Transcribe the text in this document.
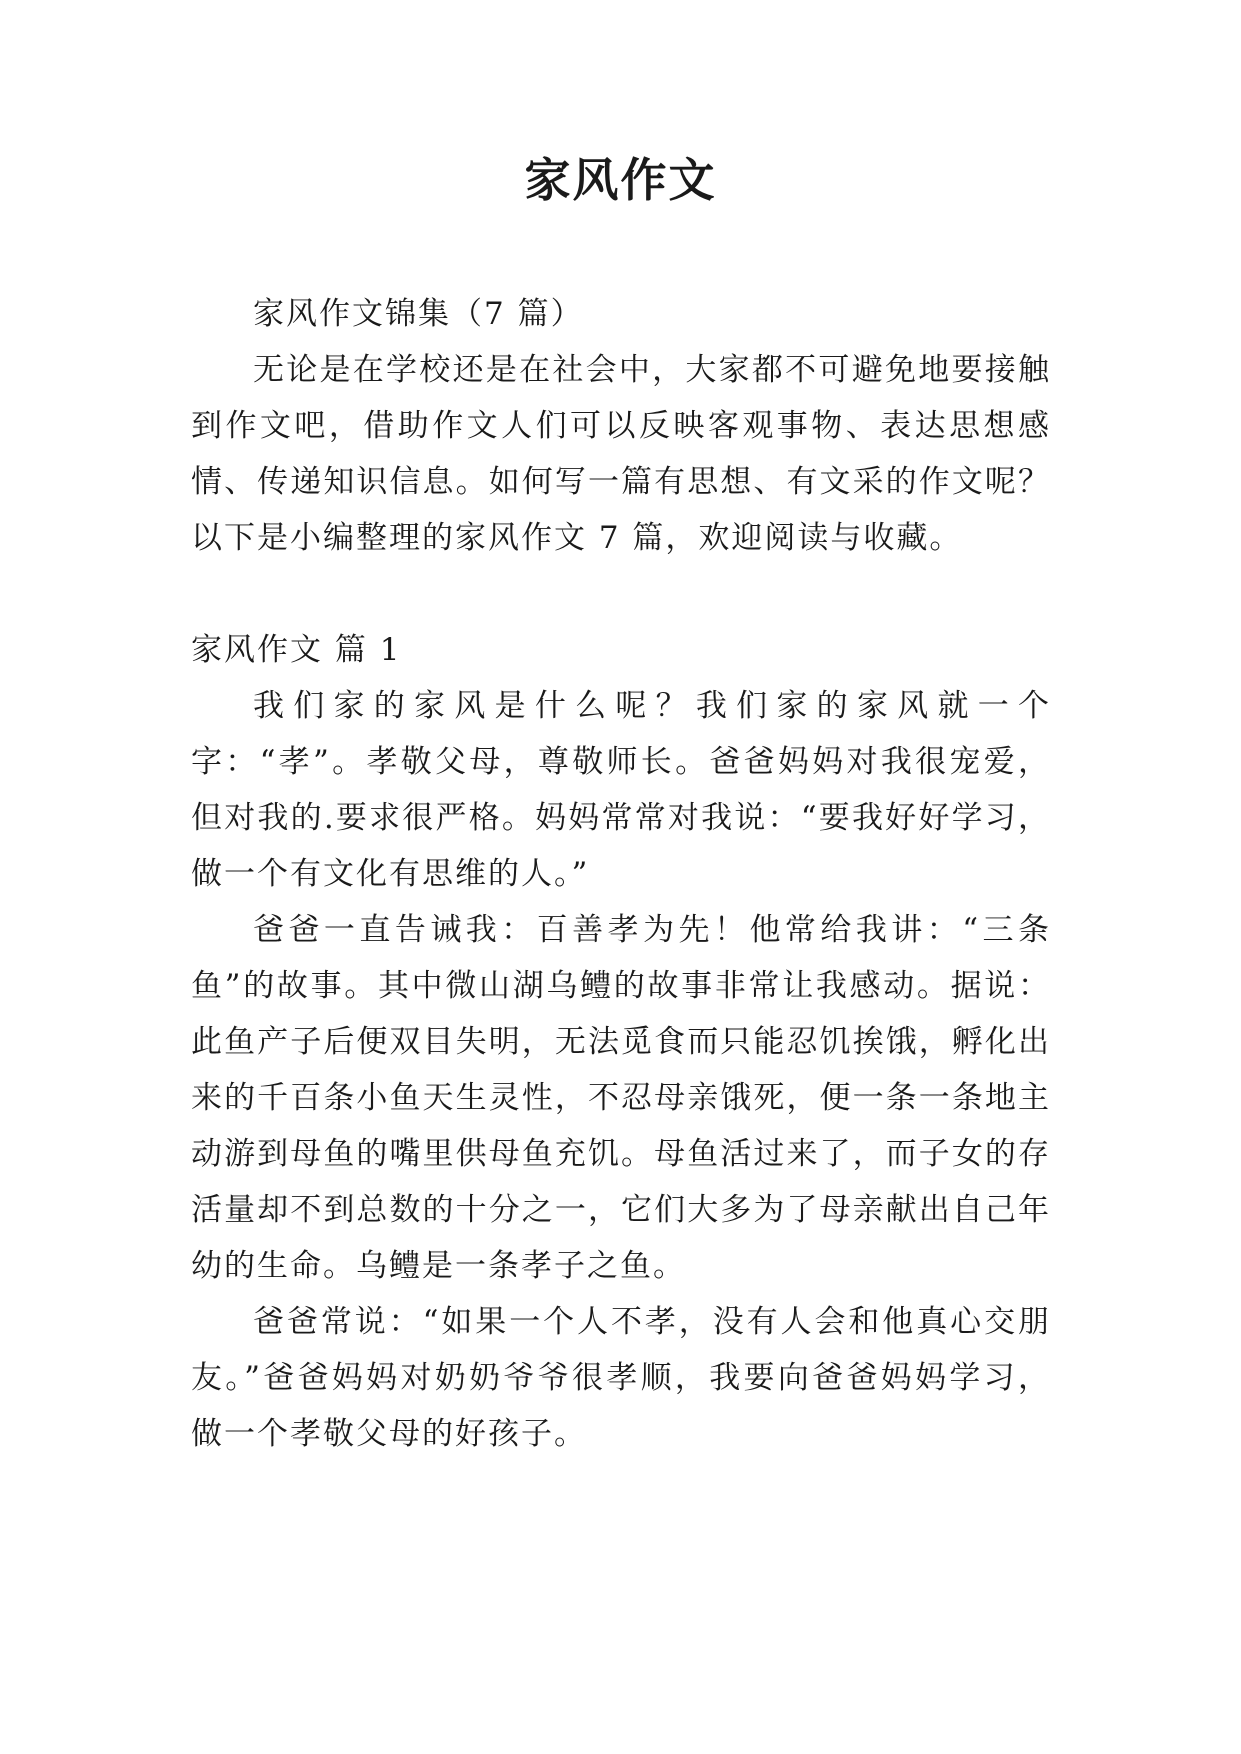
家风作文

家风作文锦集（7 篇）

无论是在学校还是在社会中，大家都不可避免地要接触到作文吧，借助作文人们可以反映客观事物、表达思想感情、传递知识信息。如何写一篇有思想、有文采的作文呢？以下是小编整理的家风作文 7 篇，欢迎阅读与收藏。

家风作文 篇 1

我们家的家风是什么呢？我们家的家风就一个字：“孝”。孝敬父母，尊敬师长。爸爸妈妈对我很宠爱，但对我的.要求很严格。妈妈常常对我说：“要我好好学习，做一个有文化有思维的人。”

爸爸一直告诫我：百善孝为先！他常给我讲：“三条鱼”的故事。其中微山湖乌鳢的故事非常让我感动。据说：此鱼产子后便双目失明，无法觅食而只能忍饥挨饿，孵化出来的千百条小鱼天生灵性，不忍母亲饿死，便一条一条地主动游到母鱼的嘴里供母鱼充饥。母鱼活过来了，而子女的存活量却不到总数的十分之一，它们大多为了母亲献出自己年幼的生命。乌鳢是一条孝子之鱼。

爸爸常说：“如果一个人不孝，没有人会和他真心交朋友。”爸爸妈妈对奶奶爷爷很孝顺，我要向爸爸妈妈学习，做一个孝敬父母的好孩子。
